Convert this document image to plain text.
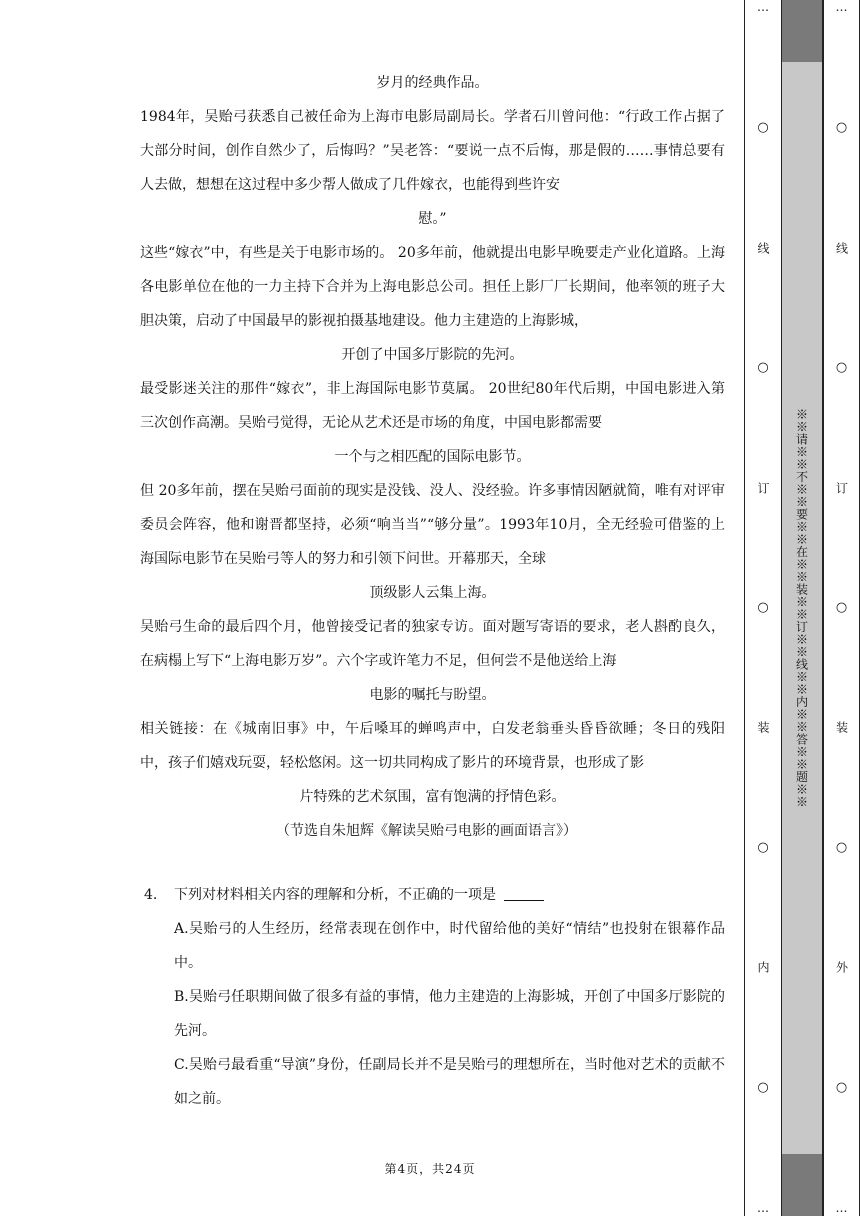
岁月的经典作品。
1984年，吴贻弓获悉自己被任命为上海市电影局副局长。学者石川曾问他：“行政工作占据了大部分时间，创作自然少了，后悔吗？”吴老答：“要说一点不后悔，那是假的……事情总要有人去做，想想在这过程中多少帮人做成了几件嫁衣，也能得到些许安
慰。”
这些“嫁衣”中，有些是关于电影市场的。 20多年前，他就提出电影早晚要走产业化道路。上海各电影单位在他的一力主持下合并为上海电影总公司。担任上影厂厂长期间，他率领的班子大胆决策，启动了中国最早的影视拍摄基地建设。他力主建造的上海影城，
开创了中国多厅影院的先河。
最受影迷关注的那件“嫁衣”，非上海国际电影节莫属。 20世纪80年代后期，中国电影进入第三次创作高潮。吴贻弓觉得，无论从艺术还是市场的角度，中国电影都需要
一个与之相匹配的国际电影节。
但 20多年前，摆在吴贻弓面前的现实是没钱、没人、没经验。许多事情因陋就简，唯有对评审委员会阵容，他和谢晋都坚持，必须“响当当”“够分量”。1993年10月，全无经验可借鉴的上海国际电影节在吴贻弓等人的努力和引领下问世。开幕那天，全球
顶级影人云集上海。
吴贻弓生命的最后四个月，他曾接受记者的独家专访。面对题写寄语的要求，老人斟酌良久，在病榻上写下“上海电影万岁”。六个字或许笔力不足，但何尝不是他送给上海
电影的嘱托与盼望。
相关链接：在《城南旧事》中，午后嗓耳的蝉鸣声中，白发老翁垂头昏昏欲睡；冬日的残阳中，孩子们嬉戏玩耍，轻松悠闲。这一切共同构成了影片的环境背景，也形成了影
片特殊的艺术氛围，富有饱满的抒情色彩。
（节选自朱旭辉《解读吴贻弓电影的画面语言》）
4. 下列对材料相关内容的理解和分析，不正确的一项是
A.吴贻弓的人生经历，经常表现在创作中，时代留给他的美好“情结”也投射在银幕作品中。
B.吴贻弓任职期间做了很多有益的事情，他力主建造的上海影城，开创了中国多厅影院的先河。
C.吴贻弓最看重“导演”身份，任副局长并不是吴贻弓的理想所在，当时他对艺术的贡献不如之前。
第4页，共24页
…
○
线
○
订
○
装
○
内
○
…
※※请※※不※※要※※在※※装※※订※※线※※内※※答※※题※※
…
○
线
○
订
○
装
○
外
○
…
